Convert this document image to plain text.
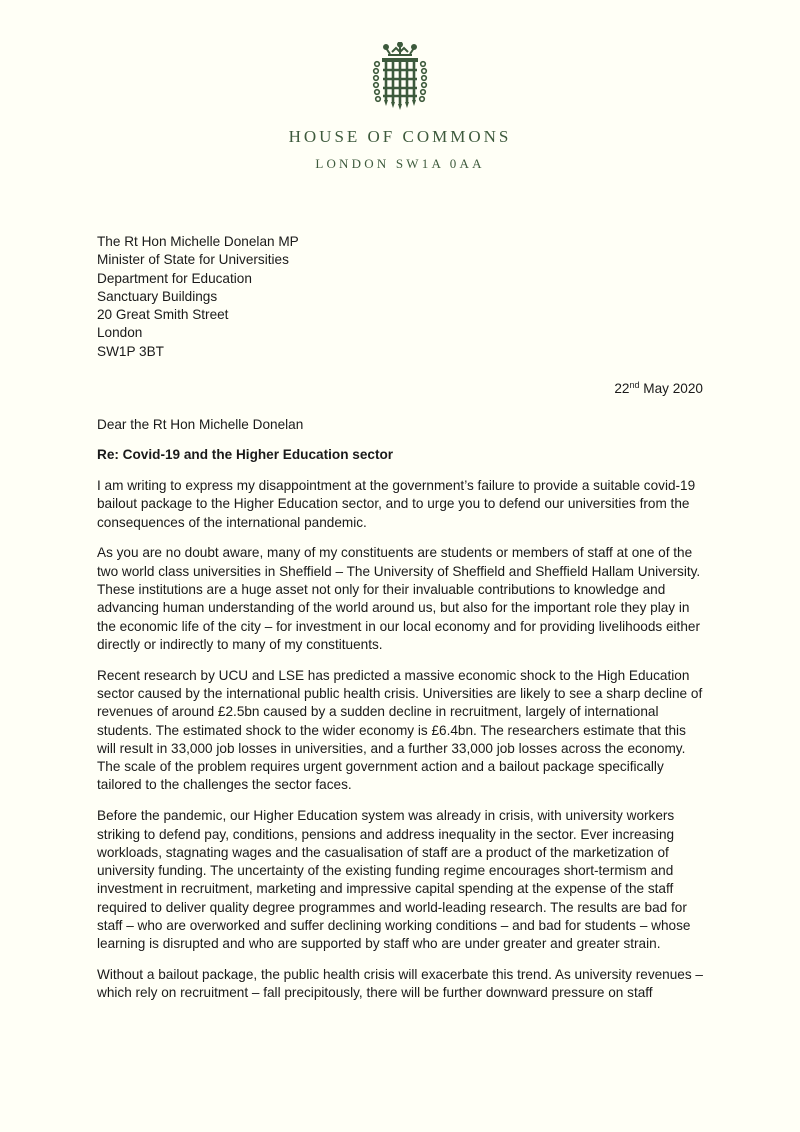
HOUSE OF COMMONS
LONDON SW1A 0AA
The Rt Hon Michelle Donelan MP
Minister of State for Universities
Department for Education
Sanctuary Buildings
20 Great Smith Street
London
SW1P 3BT
22nd May 2020
Dear the Rt Hon Michelle Donelan
Re: Covid-19 and the Higher Education sector

I am writing to express my disappointment at the government’s failure to provide a suitable covid-19 bailout package to the Higher Education sector, and to urge you to defend our universities from the consequences of the international pandemic.

As you are no doubt aware, many of my constituents are students or members of staff at one of the two world class universities in Sheffield – The University of Sheffield and Sheffield Hallam University. These institutions are a huge asset not only for their invaluable contributions to knowledge and advancing human understanding of the world around us, but also for the important role they play in the economic life of the city – for investment in our local economy and for providing livelihoods either directly or indirectly to many of my constituents.

Recent research by UCU and LSE has predicted a massive economic shock to the High Education sector caused by the international public health crisis. Universities are likely to see a sharp decline of revenues of around £2.5bn caused by a sudden decline in recruitment, largely of international students. The estimated shock to the wider economy is £6.4bn. The researchers estimate that this will result in 33,000 job losses in universities, and a further 33,000 job losses across the economy. The scale of the problem requires urgent government action and a bailout package specifically tailored to the challenges the sector faces.

Before the pandemic, our Higher Education system was already in crisis, with university workers striking to defend pay, conditions, pensions and address inequality in the sector. Ever increasing workloads, stagnating wages and the casualisation of staff are a product of the marketization of university funding. The uncertainty of the existing funding regime encourages short-termism and investment in recruitment, marketing and impressive capital spending at the expense of the staff required to deliver quality degree programmes and world-leading research. The results are bad for staff – who are overworked and suffer declining working conditions – and bad for students – whose learning is disrupted and who are supported by staff who are under greater and greater strain.

Without a bailout package, the public health crisis will exacerbate this trend. As university revenues – which rely on recruitment – fall precipitously, there will be further downward pressure on staff
